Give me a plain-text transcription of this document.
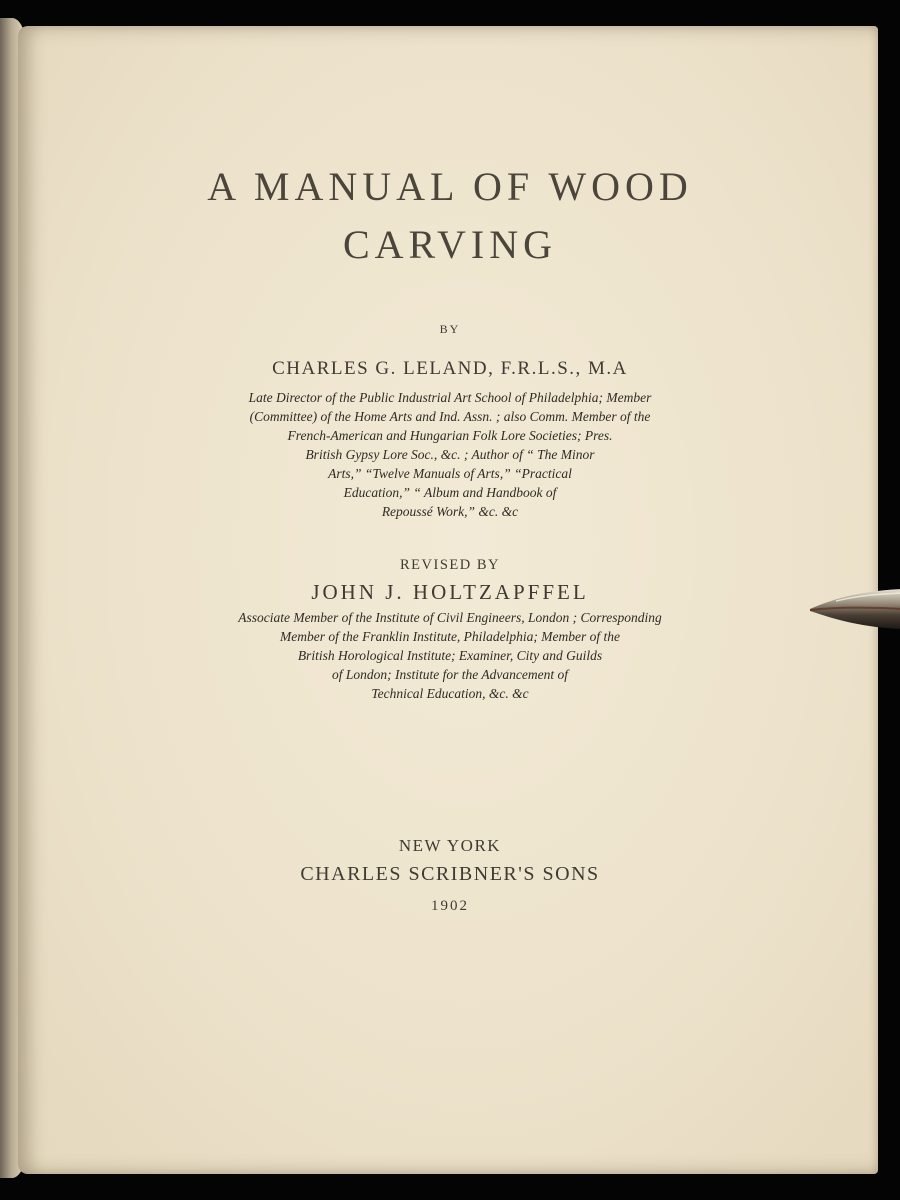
A MANUAL OF WOOD
CARVING
BY
CHARLES G. LELAND, F.R.L.S., M.A
Late Director of the Public Industrial Art School of Philadelphia; Member
(Committee) of the Home Arts and Ind. Assn. ; also Comm. Member of the
French-American and Hungarian Folk Lore Societies; Pres.
British Gypsy Lore Soc., &c. ; Author of “ The Minor
Arts,” “Twelve Manuals of Arts,” “Practical
Education,” “ Album and Handbook of
Repoussé Work,” &c. &c
REVISED BY
JOHN J. HOLTZAPFFEL
Associate Member of the Institute of Civil Engineers, London ; Corresponding
Member of the Franklin Institute, Philadelphia; Member of the
British Horological Institute; Examiner, City and Guilds
of London; Institute for the Advancement of
Technical Education, &c. &c
NEW YORK
CHARLES SCRIBNER'S SONS
1902
